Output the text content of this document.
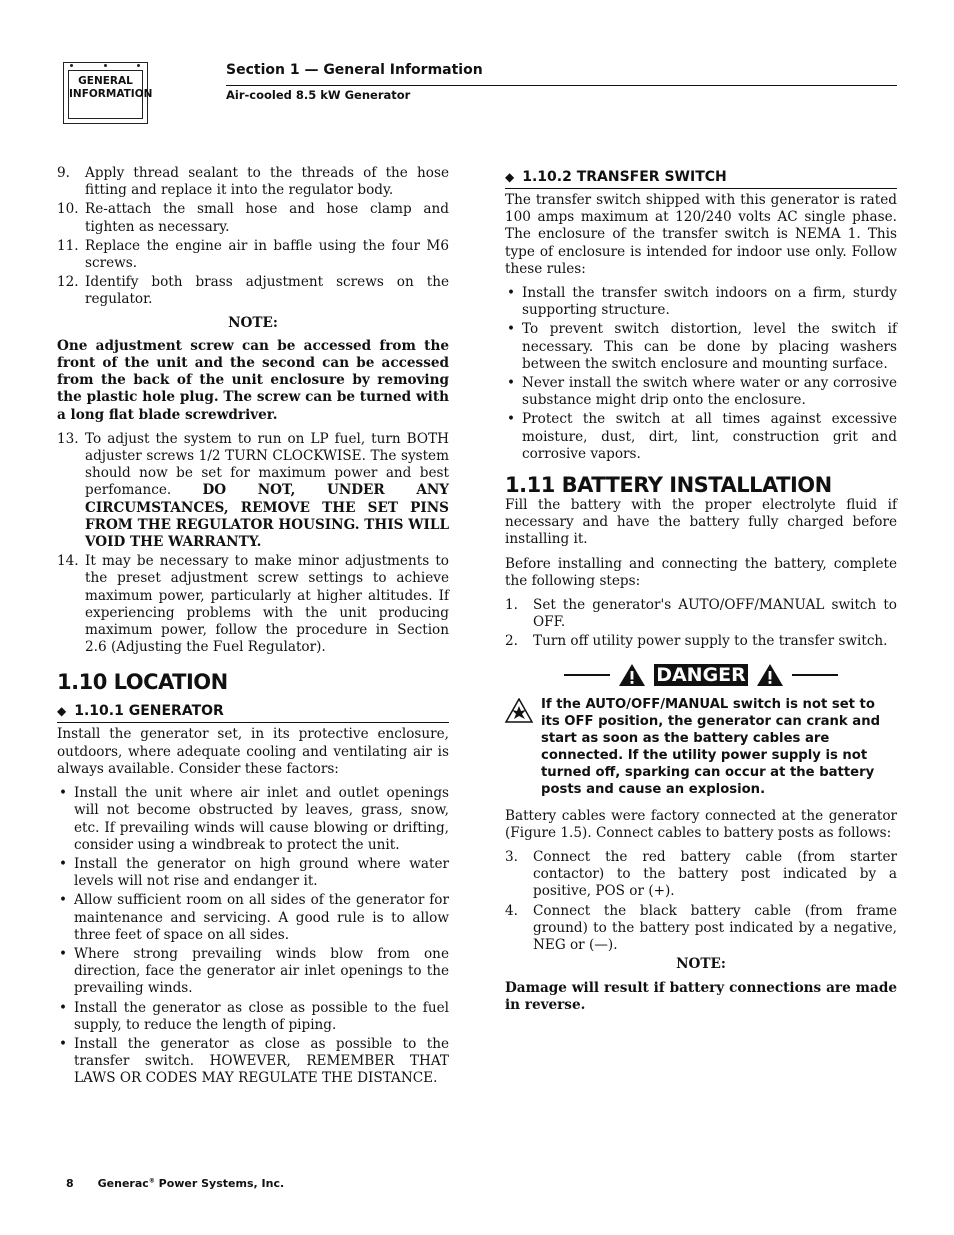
GENERAL
INFORMATION
Section 1 — General Information
Air-cooled 8.5 kW Generator
9. Apply thread sealant to the threads of the hose fitting and replace it into the regulator body.
10. Re-attach the small hose and hose clamp and tighten as necessary.
11. Replace the engine air in baffle using the four M6 screws.
12. Identify both brass adjustment screws on the regulator.
NOTE:

One adjustment screw can be accessed from the front of the unit and the second can be accessed from the back of the unit enclosure by removing the plastic hole plug. The screw can be turned with a long flat blade screwdriver.

13. To adjust the system to run on LP fuel, turn BOTH adjuster screws 1/2 TURN CLOCKWISE. The system should now be set for maximum power and best perfomance. DO NOT, UNDER ANY CIRCUMSTANCES, REMOVE THE SET PINS FROM THE REGULATOR HOUSING. THIS WILL VOID THE WARRANTY.
14. It may be necessary to make minor adjustments to the preset adjustment screw settings to achieve maximum power, particularly at higher altitudes. If experiencing problems with the unit producing maximum power, follow the procedure in Section 2.6 (Adjusting the Fuel Regulator).
1.10 LOCATION
◆ 1.10.1 GENERATOR

Install the generator set, in its protective enclosure, outdoors, where adequate cooling and ventilating air is always available. Consider these factors:

• Install the unit where air inlet and outlet openings will not become obstructed by leaves, grass, snow, etc. If prevailing winds will cause blowing or drifting, consider using a windbreak to protect the unit.
• Install the generator on high ground where water levels will not rise and endanger it.
• Allow sufficient room on all sides of the generator for maintenance and servicing. A good rule is to allow three feet of space on all sides.
• Where strong prevailing winds blow from one direction, face the generator air inlet openings to the prevailing winds.
• Install the generator as close as possible to the fuel supply, to reduce the length of piping.
• Install the generator as close as possible to the transfer switch. HOWEVER, REMEMBER THAT LAWS OR CODES MAY REGULATE THE DISTANCE.
◆ 1.10.2 TRANSFER SWITCH

The transfer switch shipped with this generator is rated 100 amps maximum at 120/240 volts AC single phase. The enclosure of the transfer switch is NEMA 1. This type of enclosure is intended for indoor use only. Follow these rules:

• Install the transfer switch indoors on a firm, sturdy supporting structure.
• To prevent switch distortion, level the switch if necessary. This can be done by placing washers between the switch enclosure and mounting surface.
• Never install the switch where water or any corrosive substance might drip onto the enclosure.
• Protect the switch at all times against excessive moisture, dust, dirt, lint, construction grit and corrosive vapors.
1.11 BATTERY INSTALLATION

Fill the battery with the proper electrolyte fluid if necessary and have the battery fully charged before installing it.

Before installing and connecting the battery, complete the following steps:

1. Set the generator's AUTO/OFF/MANUAL switch to OFF.
2. Turn off utility power supply to the transfer switch.
DANGER
If the AUTO/OFF/MANUAL switch is not set to its OFF position, the generator can crank and start as soon as the battery cables are connected. If the utility power supply is not turned off, sparking can occur at the battery posts and cause an explosion.

Battery cables were factory connected at the generator (Figure 1.5). Connect cables to battery posts as follows:

3. Connect the red battery cable (from starter contactor) to the battery post indicated by a positive, POS or (+).
4. Connect the black battery cable (from frame ground) to the battery post indicated by a negative, NEG or (—).
NOTE:

Damage will result if battery connections are made in reverse.

8 Generac® Power Systems, Inc.
